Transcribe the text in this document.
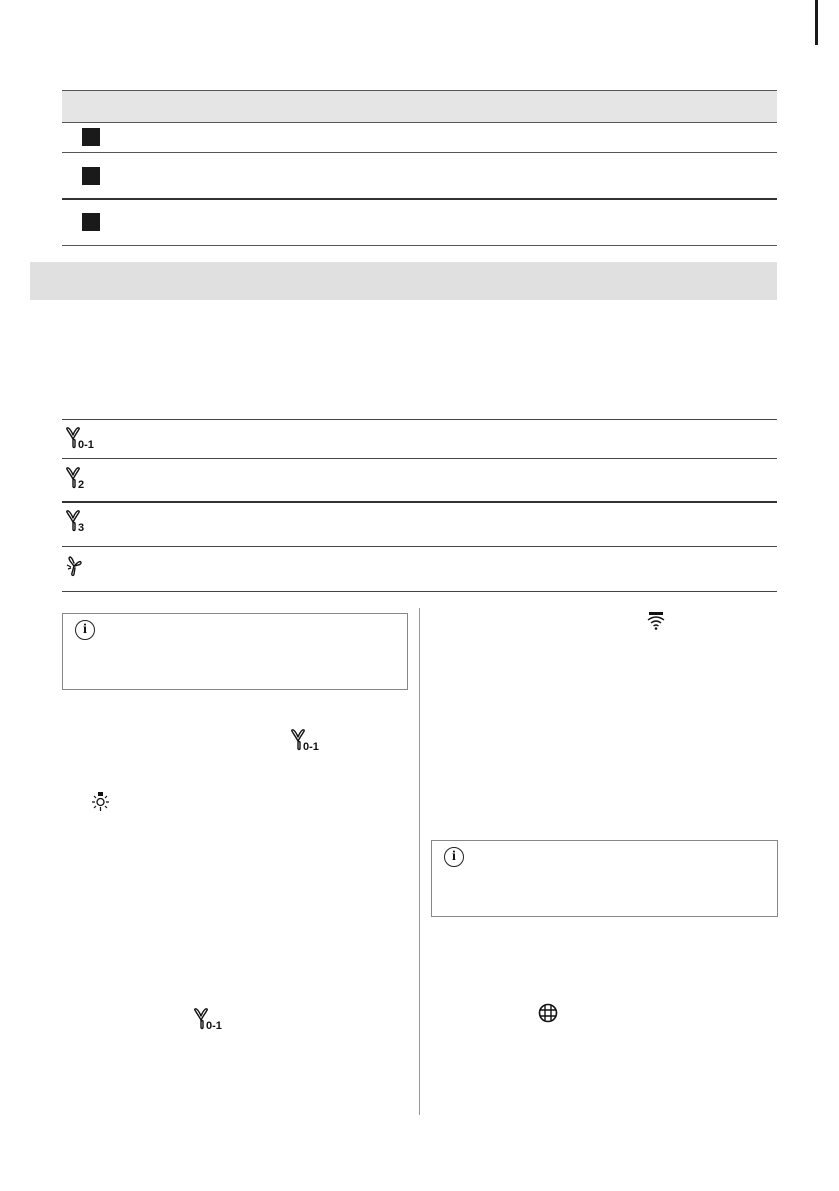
0-1
2
3
i
0-1
0-1
i
